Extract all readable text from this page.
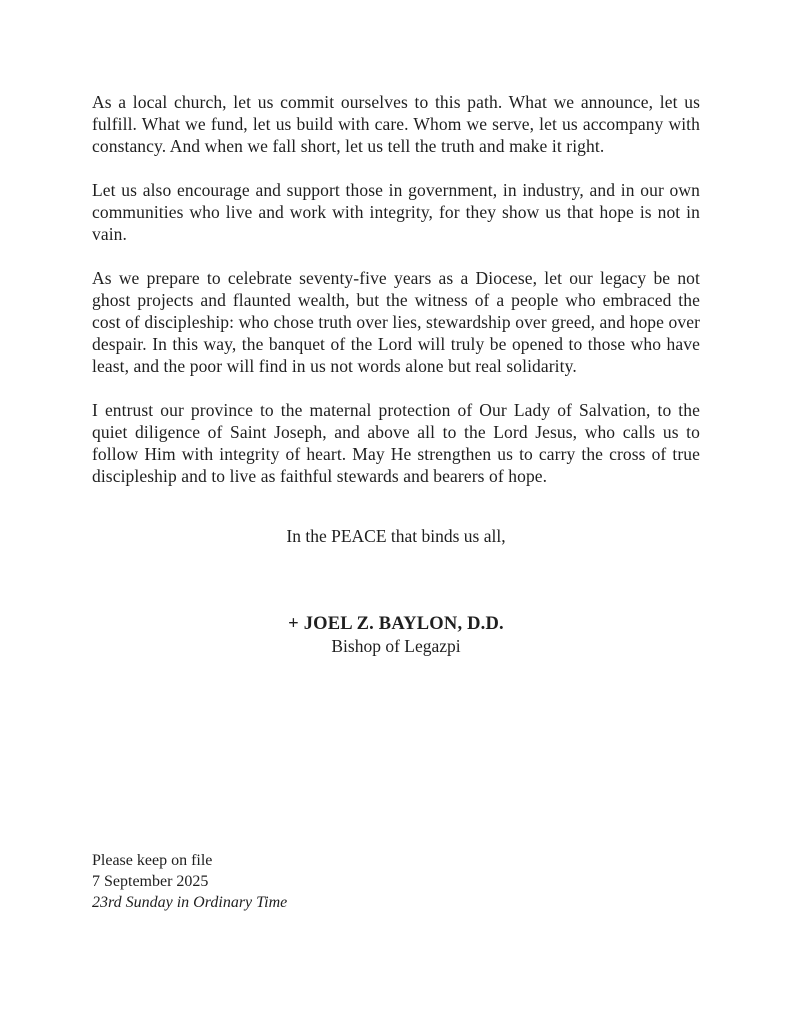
As a local church, let us commit ourselves to this path. What we announce, let us fulfill. What we fund, let us build with care. Whom we serve, let us accompany with constancy. And when we fall short, let us tell the truth and make it right.

Let us also encourage and support those in government, in industry, and in our own communities who live and work with integrity, for they show us that hope is not in vain.

As we prepare to celebrate seventy-five years as a Diocese, let our legacy be not ghost projects and flaunted wealth, but the witness of a people who embraced the cost of discipleship: who chose truth over lies, stewardship over greed, and hope over despair. In this way, the banquet of the Lord will truly be opened to those who have least, and the poor will find in us not words alone but real solidarity.

I entrust our province to the maternal protection of Our Lady of Salvation, to the quiet diligence of Saint Joseph, and above all to the Lord Jesus, who calls us to follow Him with integrity of heart. May He strengthen us to carry the cross of true discipleship and to live as faithful stewards and bearers of hope.

In the PEACE that binds us all,

+ JOEL Z. BAYLON, D.D.

Bishop of Legazpi

Please keep on file

7 September 2025

23rd Sunday in Ordinary Time
